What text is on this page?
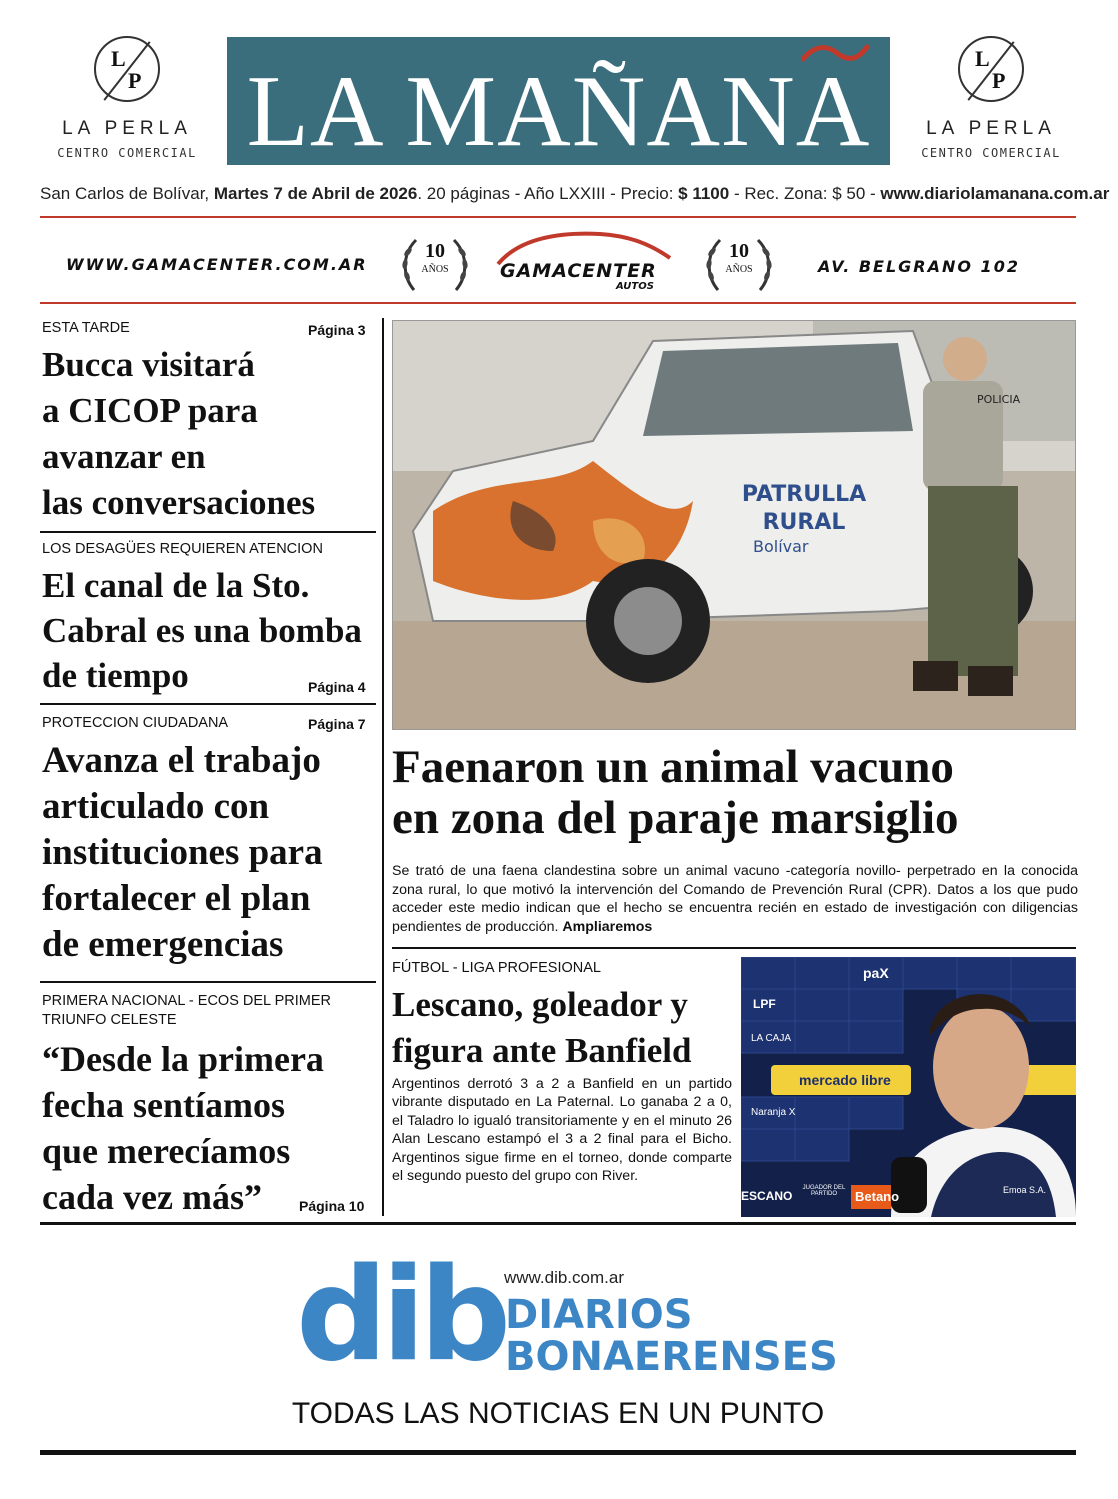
L
P
LA PERLA
CENTRO COMERCIAL LA MAÑANA	L
P
LA PERLA
CENTRO COMERCIAL
San Carlos de Bolívar, Martes 7 de Abril de 2026. 20 páginas - Año LXXIII - Precio: $ 1100 - Rec. Zona: $ 50 - www.diariolamanana.com.ar
WWW.GAMACENTER.COM.AR
10
AÑOS	GAMACENTER
AUTOS
10
AÑOS	AV. BELGRANO 102
ESTA TARDE	Página 3
Bucca visitará
a CICOP para
avanzar en
las conversaciones
LOS DESAGÜES REQUIEREN ATENCION
El canal de la Sto.
Cabral es una bomba
de tiempo	Página 4
PROTECCION CIUDADANA	Página 7
Avanza el trabajo
articulado con
instituciones para
fortalecer el plan
de emergencias
PRIMERA NACIONAL - ECOS DEL PRIMER
TRIUNFO CELESTE
“Desde la primera
fecha sentíamos
que merecíamos
cada vez más”	Página 10
PATRULLA
RURAL
Bolívar
POLICIA
Faenaron un animal vacuno
en zona del paraje marsiglio
Se trató de una faena clandestina sobre un animal vacuno -categoría novillo- perpetrado en la conocida zona rural, lo que motivó la intervención del Comando de Prevención Rural (CPR). Datos a los que pudo acceder este medio indican que el hecho se encuentra recién en estado de investigación con diligencias pendientes de producción. Ampliaremos
FÚTBOL - LIGA PROFESIONAL
Lescano, goleador y
figura ante Banfield
Argentinos derrotó 3 a 2 a Banfield en un partido vibrante disputado en La Paternal. Lo ganaba 2 a 0, el Taladro lo igualó transitoriamente y en el minuto 26 Alan Lescano estampó el 3 a 2 final para el Bicho. Argentinos sigue firme en el torneo, donde comparte el segundo puesto del grupo con River.
mercado libre
Betano
paX
LPF
LA CAJA
Naranja X
ESCANO
JUGADOR DEL PARTIDO	Emoa S.A.
www.dib.com.ar
dib DIARIOS
BONAERENSES
TODAS LAS NOTICIAS EN UN PUNTO
